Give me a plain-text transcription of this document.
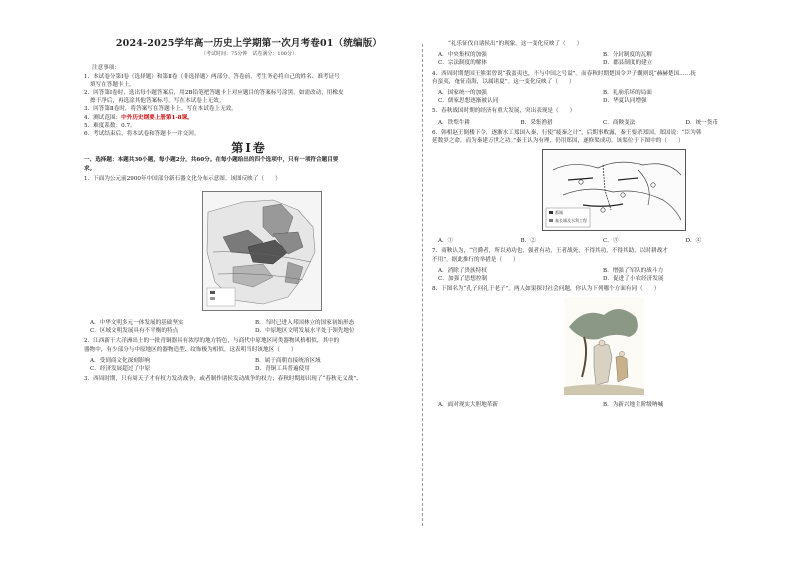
2024-2025学年高一历史上学期第一次月考卷01（统编版）
（考试时间：75分钟　试卷满分：100分）
注意事项：
1．本试卷分第Ⅰ卷（选择题）和第Ⅱ卷（非选择题）两部分。答卷前，考生务必将自己的姓名、准考证号
填写在答题卡上。
2．回答第Ⅰ卷时，选出每小题答案后，用2B铅笔把答题卡上对应题目的答案标号涂黑。如需改动，用橡皮
擦干净后，再选涂其他答案标号。写在本试卷上无效。
3．回答第Ⅱ卷时，将答案写在答题卡上。写在本试卷上无效。
4．测试范围：中外历史纲要上册第1-8课。
5．难度系数：0.7。
6．考试结束后，将本试卷和答题卡一并交回。
第Ⅰ卷
一、选择题：本题共30小题，每小题2分，共60分。在每小题给出的四个选项中，只有一项符合题目要
求。
1．下面为公元前2900年中国部分新石器文化分布示意图。该图反映了（　　）
A．中华文明多元一体发展的基础坚实	B．当时已进入邦国林立的国家初始形态
C．区域文明发展具有不平衡的特点	D．中原地区文明发展水平处于领先地位
2．江西新干大洋洲出土的一批青铜器具有浓厚的地方特色，与商代中原地区同类器物风格相似，其中的
器物中，有少部分与中原地区的器物造型、纹饰极为相似。这表明当时该地区（　　）
A．受到商文化深刻影响	B．属于商朝直接统治区域
C．经济发展超过了中原	D．青铜工具普遍使用
3．西周时期，只有周天子才有权力发动战争，或者制作诸侯发动战争的权力；春秋时期却出现了“春秋无义战”、
“礼乐征伐自诸侯出”的现象。这一变化反映了（　　）
A．中央集权的加强	B．分封制度的瓦解
C．宗法制度的解体	D．郡县制度的建立
4．西周时期楚国王熊渠曾说“我蛮夷也，不与中国之号谥”。而春秋时期楚国令尹子囊则说“赫赫楚国……抚
有蛮夷，奄征南海，以属诸夏”。这一变化反映了（　　）
A．国家统一的加强	B．礼崩乐坏的局面
C．儒家思想逐渐被认同	D．华夏认同增强
5．春秋战国时期的经济有重大发展，突出表现是（　　）
A．铁犁牛耕	B．采集渔猎	C．商鞅变法	D．统一货币
6．韩相赵王倒楼下令，逐渐水工郑国入秦，行使“疲秦之计”，后期事败露，秦王要杀郑国。郑国说：“臣为韩
延数岁之命，而为秦建万世之功。”秦王认为有理，仍用郑国，遂修渠成功。该渠位于下图中的（　　）
都城
秦长城及水利工程
A．①	B．②	C．③	D．④
7．商鞅认为，“官爵者，所以劝功也，强者有功，王者战死，不得其功，不得其助，以时耕战才
不用”。据此推行的举措是（　　）
A．消除了贵族特权	B．增强了军队的战斗力
C．加强了思想控制	D．促进了小农经济发展
8．下图名为“孔子问礼于老子”。两人如果探讨社会问题，你认为下列哪个方面有同（　　）
A．面对现实大胆地革新	B．为新兴地主阶级呐喊
